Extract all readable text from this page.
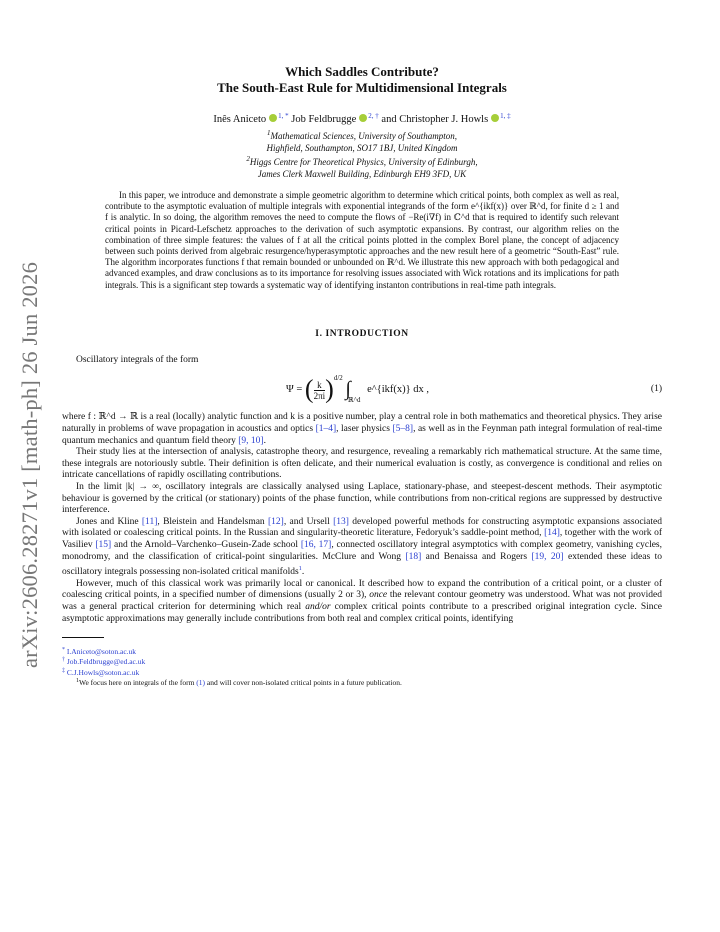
arXiv:2606.28271v1 [math-ph] 26 Jun 2026
Which Saddles Contribute?
The South-East Rule for Multidimensional Integrals
Inês Aniceto $^{1, *}$ Job Feldbrugge $^{2, \dagger}$ and Christopher J. Howls $^{1, \ddagger}$
$^1$Mathematical Sciences, University of Southampton,
Highfield, Southampton, SO17 1BJ, United Kingdom
$^2$Higgs Centre for Theoretical Physics, University of Edinburgh,
James Clerk Maxwell Building, Edinburgh EH9 3FD, UK
In this paper, we introduce and demonstrate a simple geometric algorithm to determine which critical points, both complex as well as real, contribute to the asymptotic evaluation of multiple integrals with exponential integrands of the form e^{ikf(x)} over ℝ^d, for finite d ≥ 1 and f is analytic. In so doing, the algorithm removes the need to compute the flows of −Re(i∇f) in ℂ^d that is required to identify such relevant critical points in Picard-Lefschetz approaches to the derivation of such asymptotic expansions. By contrast, our algorithm relies on the combination of three simple features: the values of f at all the critical points plotted in the complex Borel plane, the concept of adjacency between such points derived from algebraic resurgence/hyperasymptotic approaches and the new result here of a geometric “South-East” rule. The algorithm incorporates functions f that remain bounded or unbounded on ℝ^d. We illustrate this new approach with both pedagogical and advanced examples, and draw conclusions as to its importance for resolving issues associated with Wick rotations and its implications for path integrals. This is a significant step towards a systematic way of identifying instanton contributions in real-time path integrals.
I. INTRODUCTION
Oscillatory integrals of the form
Ψ = ( $\frac{k}{2\pi i})^{d/2}$ $\int_{ℝ\^{}d}$ e^{ikf(x)} dx ,	(1)
where f : ℝ^d → ℝ is a real (locally) analytic function and k is a positive number, play a central role in both mathematics and theoretical physics. They arise naturally in problems of wave propagation in acoustics and optics [1–4], laser physics [5–8], as well as in the Feynman path integral formulation of real-time quantum mechanics and quantum field theory [9, 10].
Their study lies at the intersection of analysis, catastrophe theory, and resurgence, revealing a remarkably rich mathematical structure. At the same time, these integrals are notoriously subtle. Their definition is often delicate, and their numerical evaluation is costly, as convergence is conditional and relies on intricate cancellations of rapidly oscillating contributions.
In the limit |k| → ∞, oscillatory integrals are classically analysed using Laplace, stationary-phase, and steepest-descent methods. Their asymptotic behaviour is governed by the critical (or stationary) points of the phase function, while contributions from non-critical regions are suppressed by destructive interference.
Jones and Kline [11], Bleistein and Handelsman [12], and Ursell [13] developed powerful methods for constructing asymptotic expansions associated with isolated or coalescing critical points. In the Russian and singularity-theoretic literature, Fedoryuk’s saddle-point method, [14], together with the work of Vasiliev [15] and the Arnold–Varchenko–Gusein-Zade school [16, 17], connected oscillatory integral asymptotics with complex geometry, vanishing cycles, monodromy, and the classification of critical-point singularities. McClure and Wong [18] and Benaissa and Rogers [19, 20] extended these ideas to oscillatory integrals possessing non-isolated critical manifolds$^1$.
However, much of this classical work was primarily local or canonical. It described how to expand the contribution of a critical point, or a cluster of coalescing critical points, in a specified number of dimensions (usually 2 or 3), once the relevant contour geometry was understood. What was not provided was a general practical criterion for determining which real and/or complex critical points contribute to a prescribed original integration cycle. Since asymptotic approximations may generally include contributions from both real and complex critical points, identifying
* I.Aniceto@soton.ac.uk
† Job.Feldbrugge@ed.ac.uk
‡ C.J.Howls@soton.ac.uk
$^1$We focus here on integrals of the form (1) and will cover non-isolated critical points in a future publication.
